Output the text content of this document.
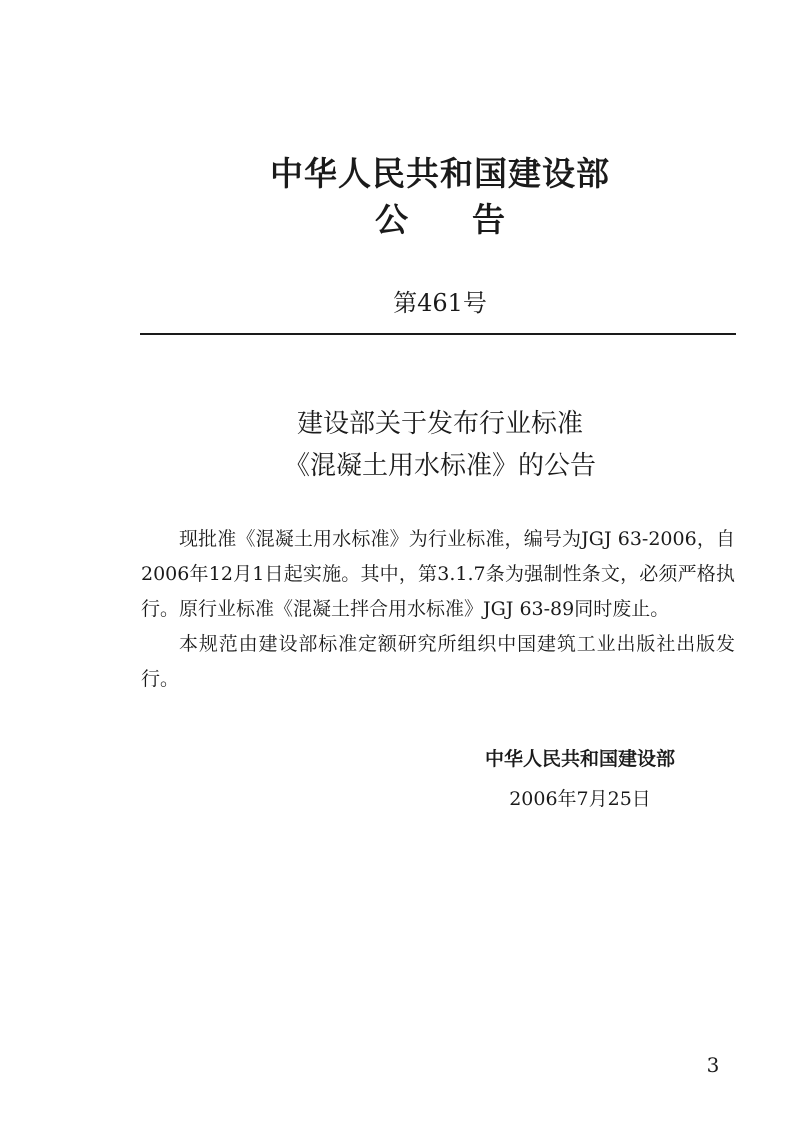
中华人民共和国建设部
公告
第461号
建设部关于发布行业标准
《混凝土用水标准》的公告

现批准《混凝土用水标准》为行业标准，编号为JGJ 63-2006，自2006年12月1日起实施。其中，第3.1.7条为强制性条文，必须严格执行。原行业标准《混凝土拌合用水标准》JGJ 63-89同时废止。

本规范由建设部标准定额研究所组织中国建筑工业出版社出版发行。

中华人民共和国建设部
2006年7月25日
3
